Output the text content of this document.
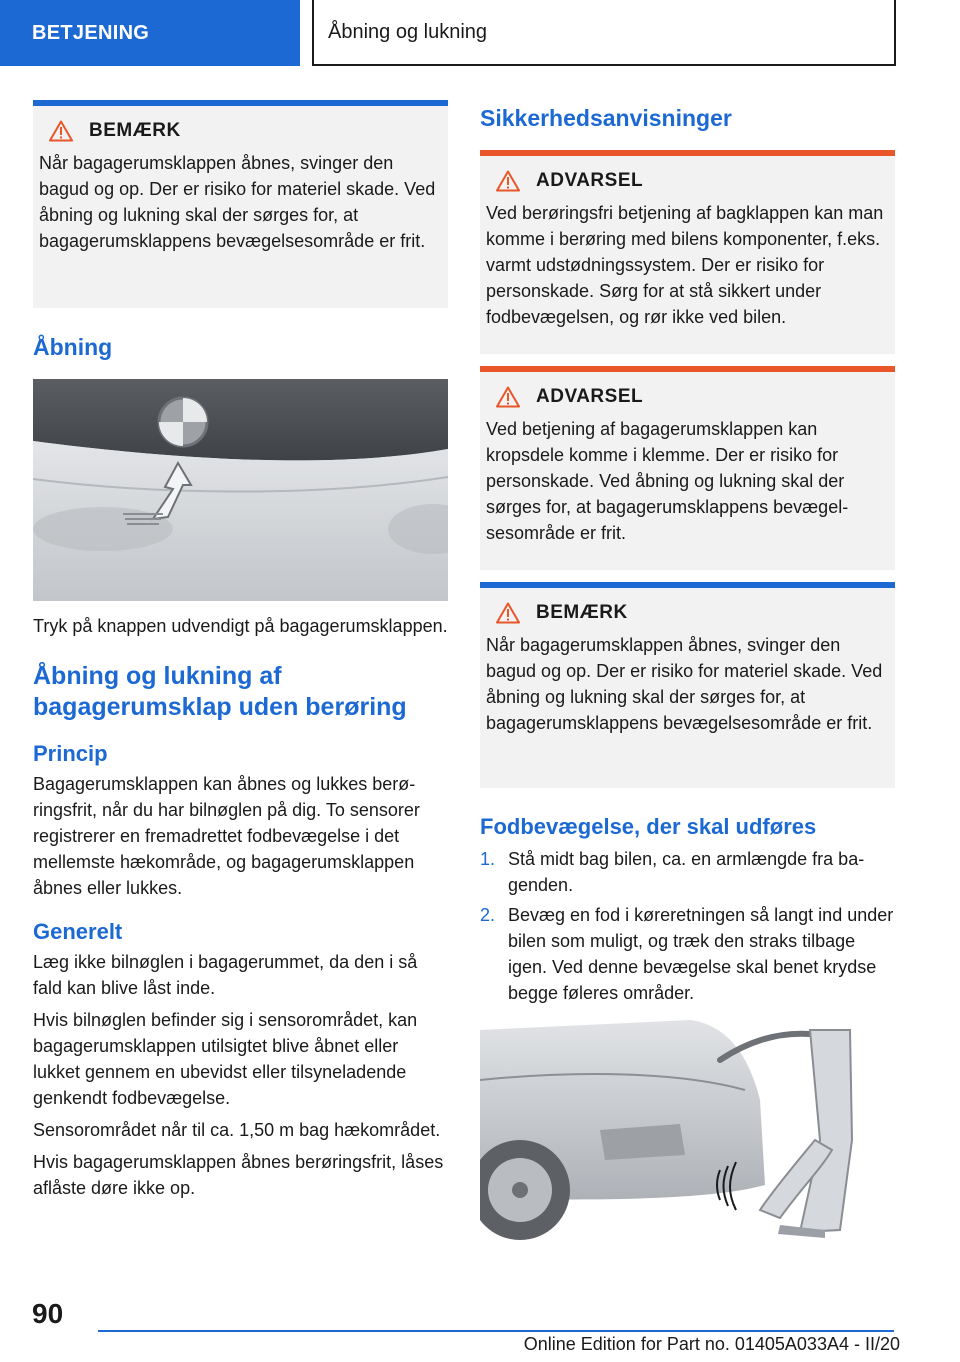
BETJENING	Åbning og lukning
BEMÆRK

Når bagagerumsklappen åbnes, svinger den bagud og op. Der er risiko for materiel skade. Ved åbning og lukning skal der sørges for, at bagagerumsklappens bevægelsesområde er frit.

Åbning

Tryk på knappen udvendigt på bagagerumsklappen.

Åbning og lukning af bagagerumsklap uden berøring
Princip

Bagagerumsklappen kan åbnes og lukkes berøringsfrit, når du har bilnøglen på dig. To sensorer registrerer en fremadrettet fodbevægelse i det mellemste hækområde, og bagagerumsklappen åbnes eller lukkes.

Generelt

Læg ikke bilnøglen i bagagerummet, da den i så fald kan blive låst inde.

Hvis bilnøglen befinder sig i sensorområdet, kan bagagerumsklappen utilsigtet blive åbnet eller lukket gennem en ubevidst eller tilsyneladende genkendt fodbevægelse.

Sensorområdet når til ca. 1,50 m bag hækområdet.

Hvis bagagerumsklappen åbnes berøringsfrit, låses aflåste døre ikke op.

Sikkerhedsanvisninger
ADVARSEL

Ved berøringsfri betjening af bagklappen kan man komme i berøring med bilens komponenter, f.eks. varmt udstødningssystem. Der er risiko for personskade. Sørg for at stå sikkert under fodbevægelsen, og rør ikke ved bilen.

ADVARSEL

Ved betjening af bagagerumsklappen kan kropsdele komme i klemme. Der er risiko for personskade. Ved åbning og lukning skal der sørges for, at bagagerumsklappens bevægelsesområde er frit.

BEMÆRK

Når bagagerumsklappen åbnes, svinger den bagud og op. Der er risiko for materiel skade. Ved åbning og lukning skal der sørges for, at bagagerumsklappens bevægelsesområde er frit.

Fodbevægelse, der skal udføres
1. Stå midt bag bilen, ca. en armlængde fra bagenden.
2. Bevæg en fod i køreretningen så langt ind under bilen som muligt, og træk den straks tilbage igen. Ved denne bevægelse skal benet krydse begge føleres områder.
90
Online Edition for Part no. 01405A033A4 - II/20
